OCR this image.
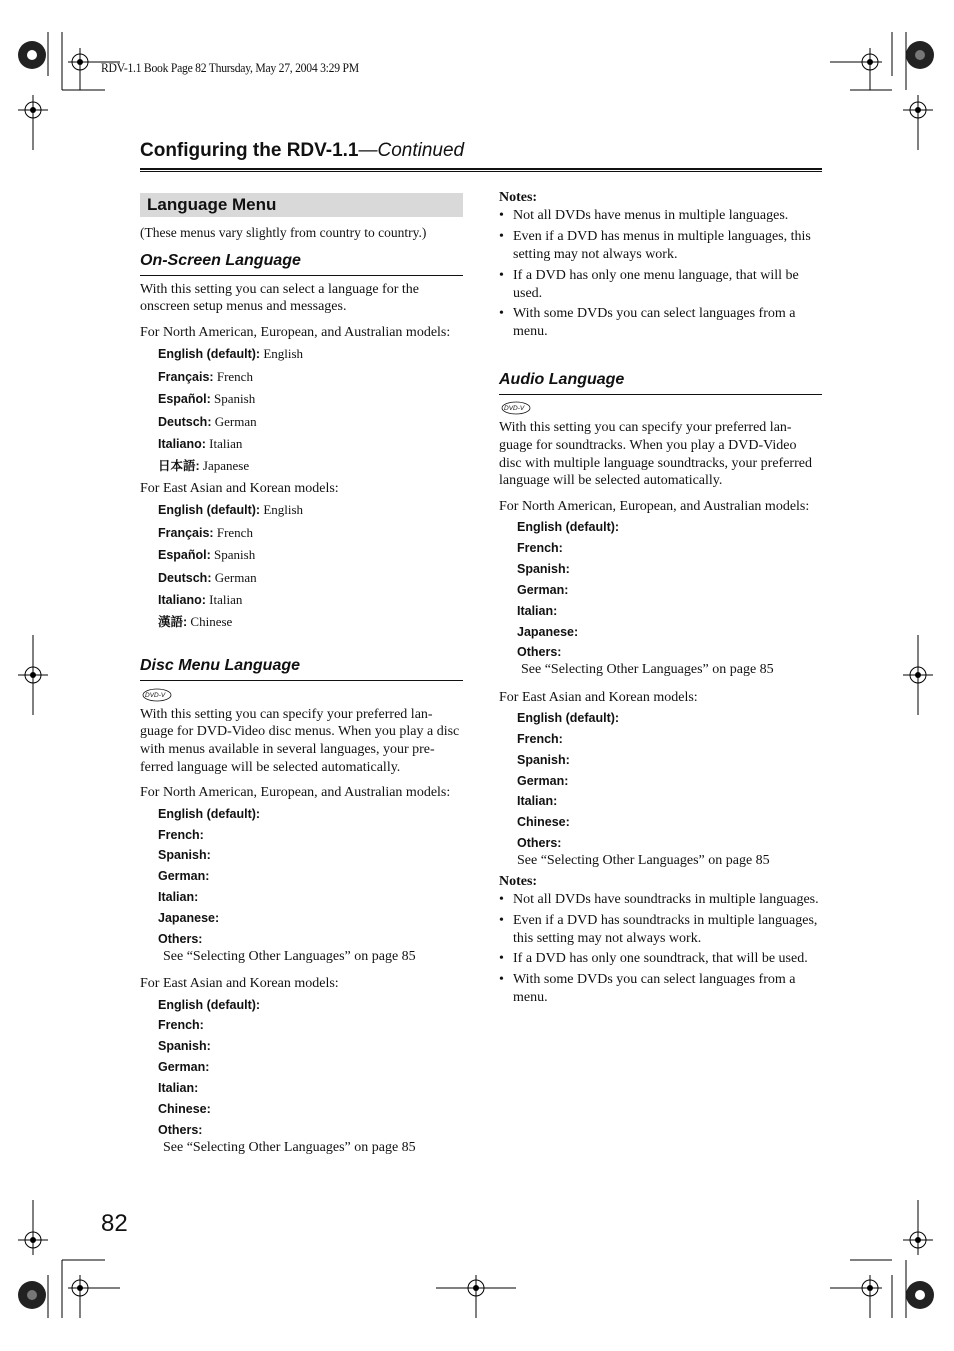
RDV-1.1 Book Page 82 Thursday, May 27, 2004 3:29 PM
Configuring the RDV-1.1—Continued
Language Menu
(These menus vary slightly from country to country.)
On-Screen Language
With this setting you can select a language for the
onscreen setup menus and messages.
For North American, European, and Australian models:
English (default): English
Français: French
Español: Spanish
Deutsch: German
Italiano: Italian
日本語: Japanese
For East Asian and Korean models:
English (default): English
Français: French
Español: Spanish
Deutsch: German
Italiano: Italian
漢語: Chinese
Disc Menu Language
DVD-V
With this setting you can specify your preferred lan-
guage for DVD-Video disc menus. When you play a disc
with menus available in several languages, your pre-
ferred language will be selected automatically.
For North American, European, and Australian models:
English (default):
French:
Spanish:
German:
Italian:
Japanese:
Others:
See “Selecting Other Languages” on page 85
For East Asian and Korean models:
English (default):
French:
Spanish:
German:
Italian:
Chinese:
Others:
See “Selecting Other Languages” on page 85
Notes:
• Not all DVDs have menus in multiple languages.
• Even if a DVD has menus in multiple languages, this
setting may not always work.
• If a DVD has only one menu language, that will be
used.
• With some DVDs you can select languages from a
menu.
Audio Language
DVD-V
With this setting you can specify your preferred lan-
guage for soundtracks. When you play a DVD-Video
disc with multiple language soundtracks, your preferred
language will be selected automatically.
For North American, European, and Australian models:
English (default):
French:
Spanish:
German:
Italian:
Japanese:
Others:
See “Selecting Other Languages” on page 85
For East Asian and Korean models:
English (default):
French:
Spanish:
German:
Italian:
Chinese:
Others:
See “Selecting Other Languages” on page 85
Notes:
• Not all DVDs have soundtracks in multiple languages.
• Even if a DVD has soundtracks in multiple languages,
this setting may not always work.
• If a DVD has only one soundtrack, that will be used.
• With some DVDs you can select languages from a
menu.
82
